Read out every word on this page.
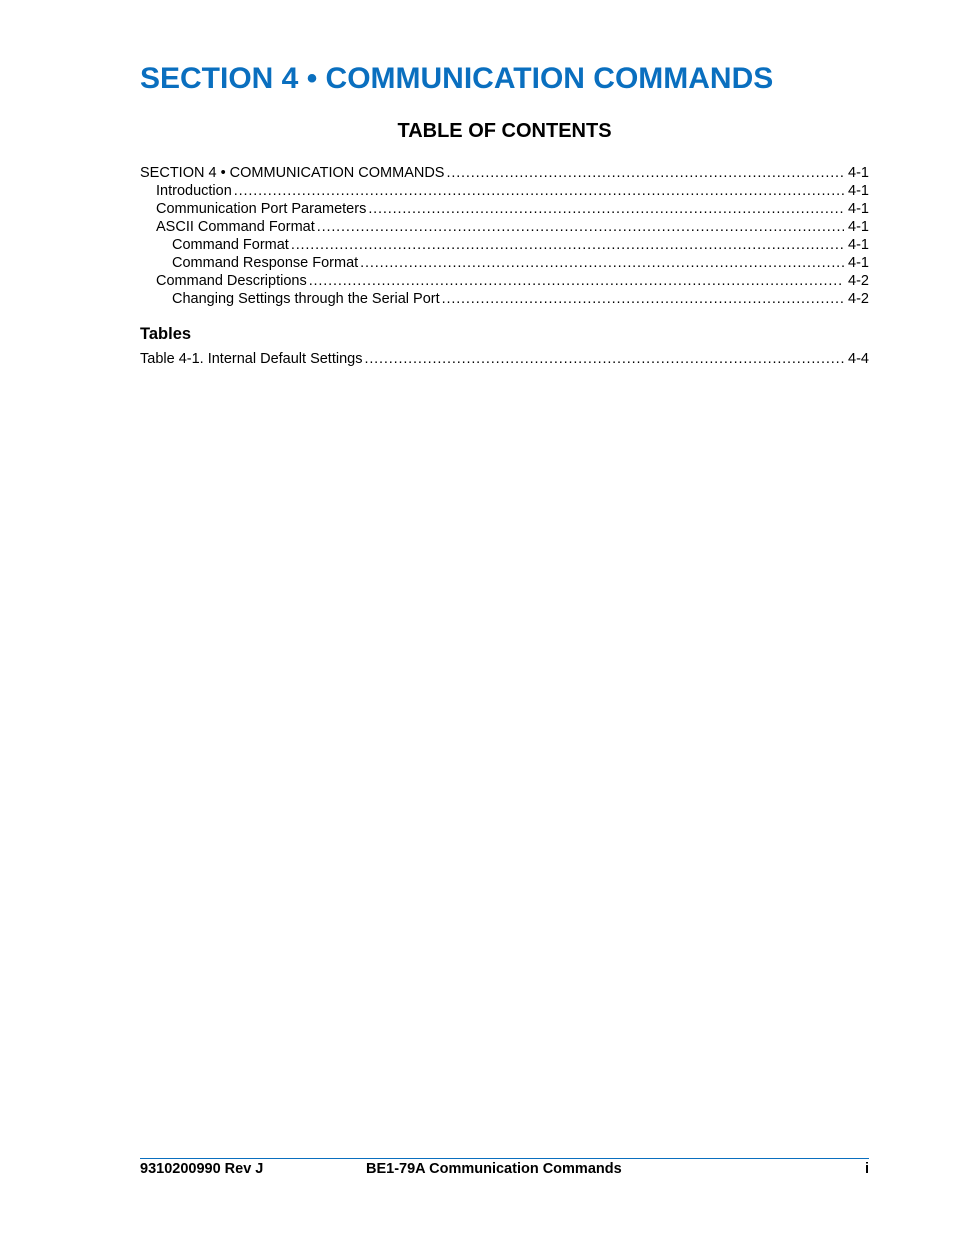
SECTION 4 • COMMUNICATION COMMANDS
TABLE OF CONTENTS
SECTION 4 • COMMUNICATION COMMANDS . . .	4-1
Introduction . . .	4-1
Communication Port Parameters . . .	4-1
ASCII Command Format . . .	4-1
Command Format . . .	4-1
Command Response Format . . .	4-1
Command Descriptions . . .	4-2
Changing Settings through the Serial Port . . .	4-2
Tables
Table 4-1. Internal Default Settings . . .	4-4
9310200990 Rev J	BE1-79A Communication Commands	i
